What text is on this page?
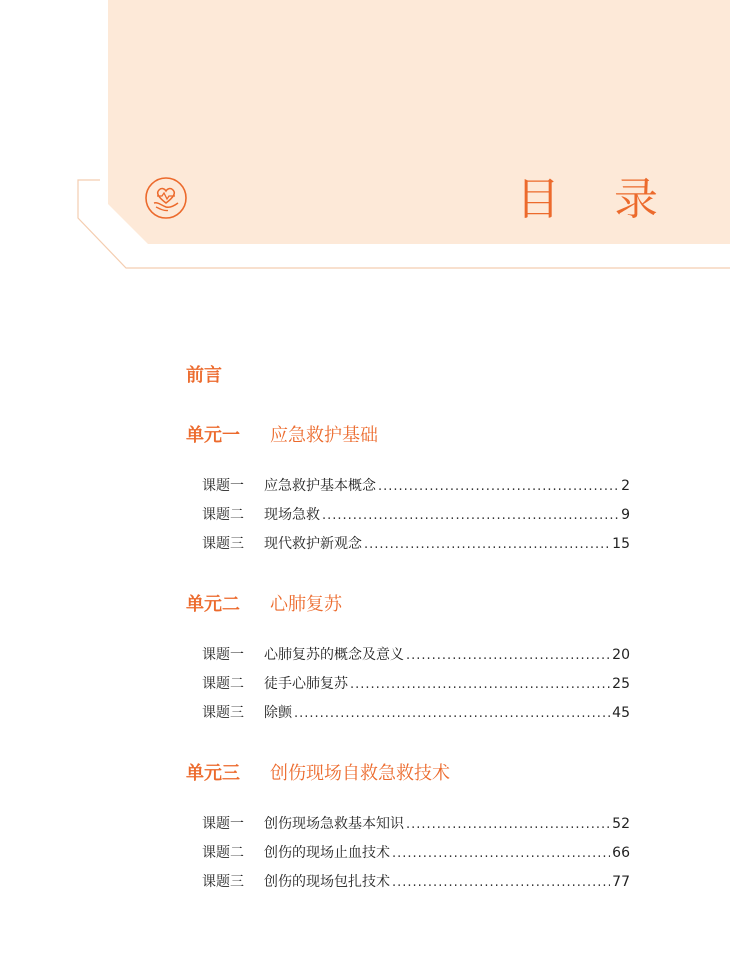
目 录
前言
单元一	应急救护基础
课题一	应急救护基本概念 .....	2
课题二	现场急救 .....	9
课题三	现代救护新观念 .....	15
单元二	心肺复苏
课题一	心肺复苏的概念及意义 .....	20
课题二	徒手心肺复苏 .....	25
课题三	除颤 .....	45
单元三	创伤现场自救急救技术
课题一	创伤现场急救基本知识 .....	52
课题二	创伤的现场止血技术 .....	66
课题三	创伤的现场包扎技术 .....	77
